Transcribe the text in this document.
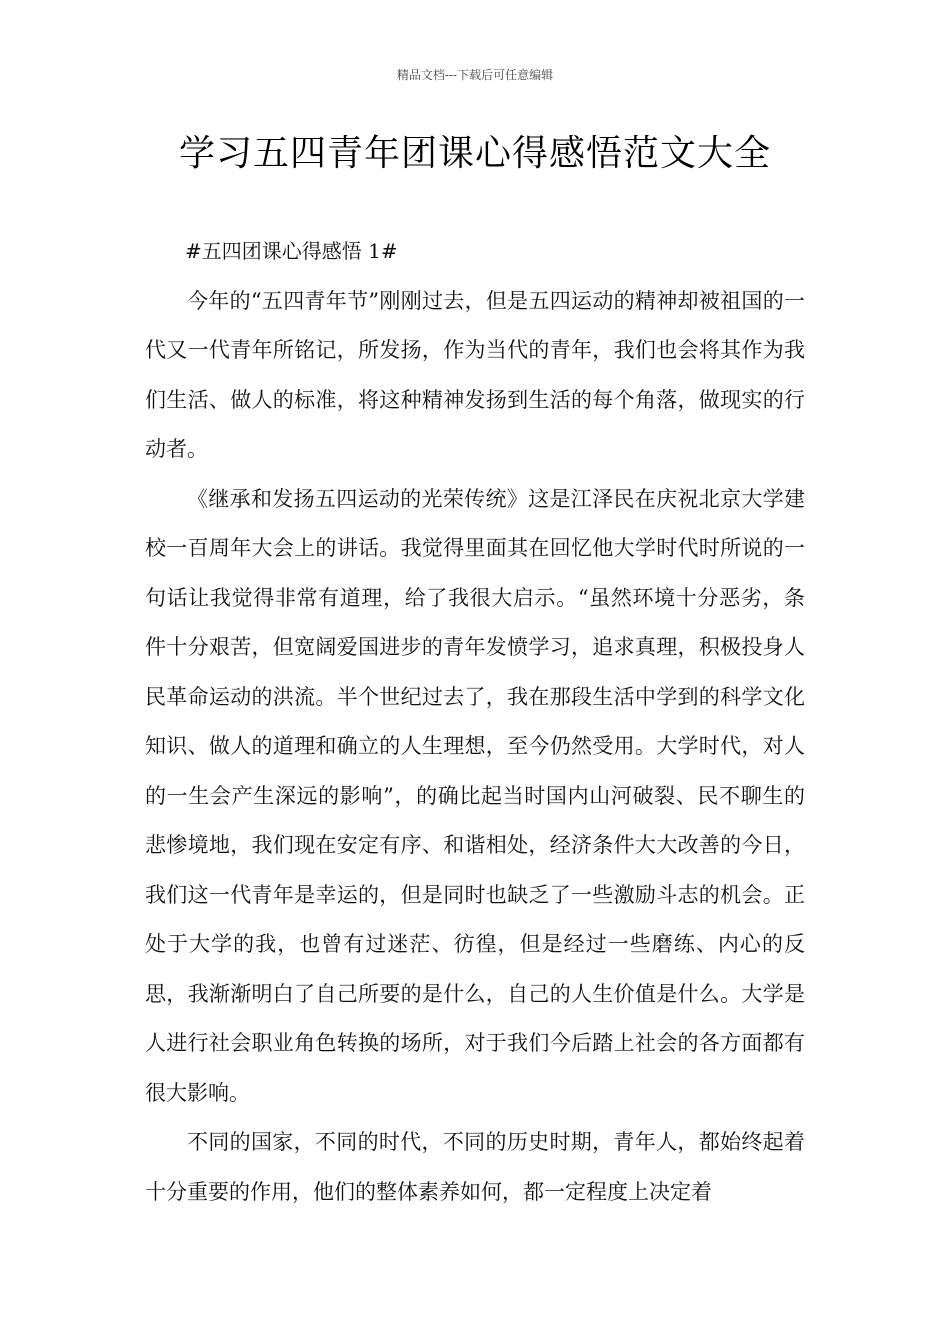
精品文档---下载后可任意编辑
学习五四青年团课心得感悟范文大全

#五四团课心得感悟 1#

今年的“五四青年节”刚刚过去，但是五四运动的精神却被祖国的一代又一代青年所铭记，所发扬，作为当代的青年，我们也会将其作为我们生活、做人的标准，将这种精神发扬到生活的每个角落，做现实的行动者。

《继承和发扬五四运动的光荣传统》这是江泽民在庆祝北京大学建校一百周年大会上的讲话。我觉得里面其在回忆他大学时代时所说的一句话让我觉得非常有道理，给了我很大启示。“虽然环境十分恶劣，条件十分艰苦，但宽阔爱国进步的青年发愤学习，追求真理，积极投身人民革命运动的洪流。半个世纪过去了，我在那段生活中学到的科学文化知识、做人的道理和确立的人生理想，至今仍然受用。大学时代，对人的一生会产生深远的影响”，的确比起当时国内山河破裂、民不聊生的悲惨境地，我们现在安定有序、和谐相处，经济条件大大改善的今日，我们这一代青年是幸运的，但是同时也缺乏了一些激励斗志的机会。正处于大学的我，也曾有过迷茫、彷徨，但是经过一些磨练、内心的反思，我渐渐明白了自己所要的是什么，自己的人生价值是什么。大学是人进行社会职业角色转换的场所，对于我们今后踏上社会的各方面都有很大影响。

不同的国家，不同的时代，不同的历史时期，青年人，都始终起着十分重要的作用，他们的整体素养如何，都一定程度上决定着
